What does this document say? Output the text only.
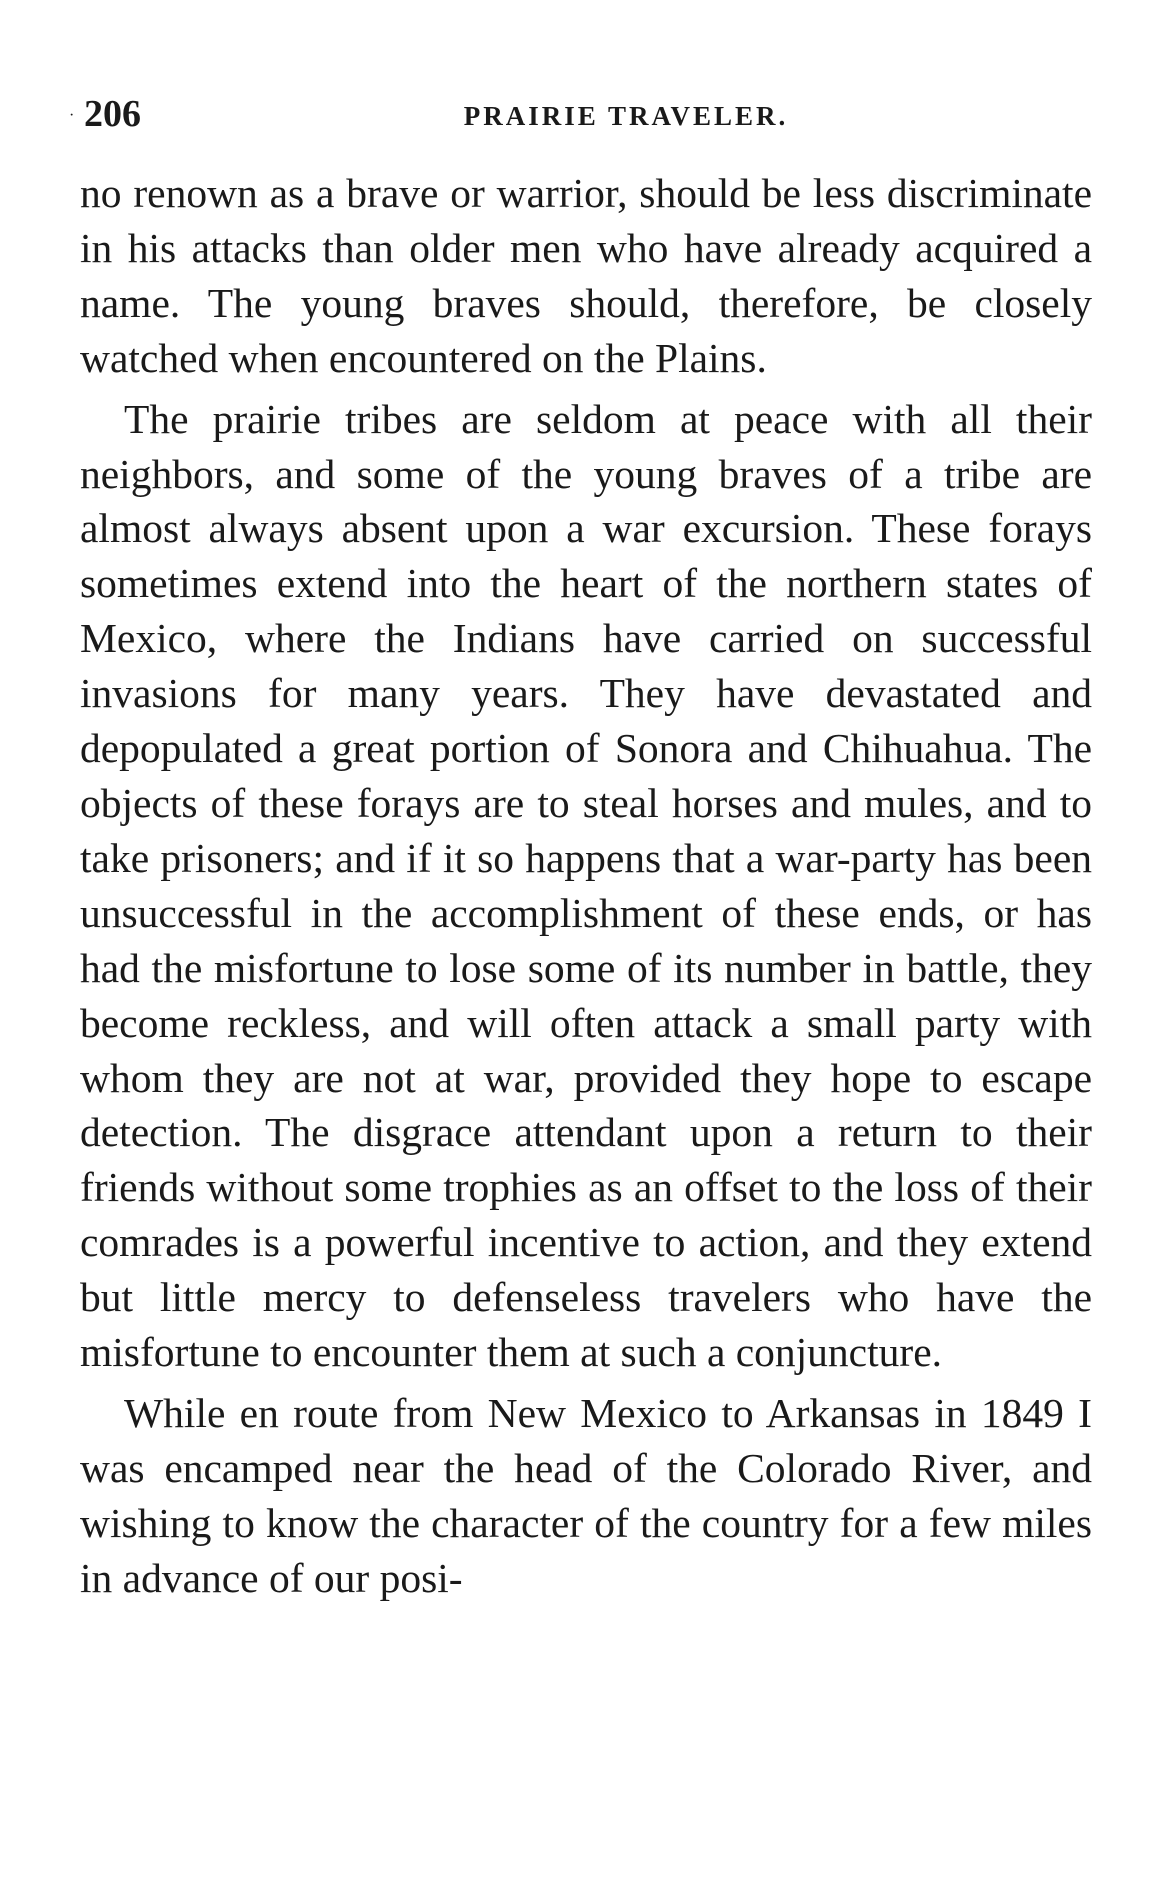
· 206	PRAIRIE TRAVELER.

no renown as a brave or warrior, should be less discriminate in his attacks than older men who have already acquired a name. The young braves should, therefore, be closely watched when encountered on the Plains.

The prairie tribes are seldom at peace with all their neighbors, and some of the young braves of a tribe are almost always absent upon a war excursion. These forays sometimes extend into the heart of the northern states of Mexico, where the Indians have carried on successful invasions for many years. They have devastated and depopulated a great portion of Sonora and Chihuahua. The objects of these forays are to steal horses and mules, and to take prisoners; and if it so happens that a war-party has been unsuccessful in the accomplishment of these ends, or has had the misfortune to lose some of its number in battle, they become reckless, and will often attack a small party with whom they are not at war, provided they hope to escape detection. The disgrace attendant upon a return to their friends without some trophies as an offset to the loss of their comrades is a powerful incentive to action, and they extend but little mercy to defenseless travelers who have the misfortune to encounter them at such a conjuncture.

While en route from New Mexico to Arkansas in 1849 I was encamped near the head of the Colorado River, and wishing to know the character of the country for a few miles in advance of our posi-
